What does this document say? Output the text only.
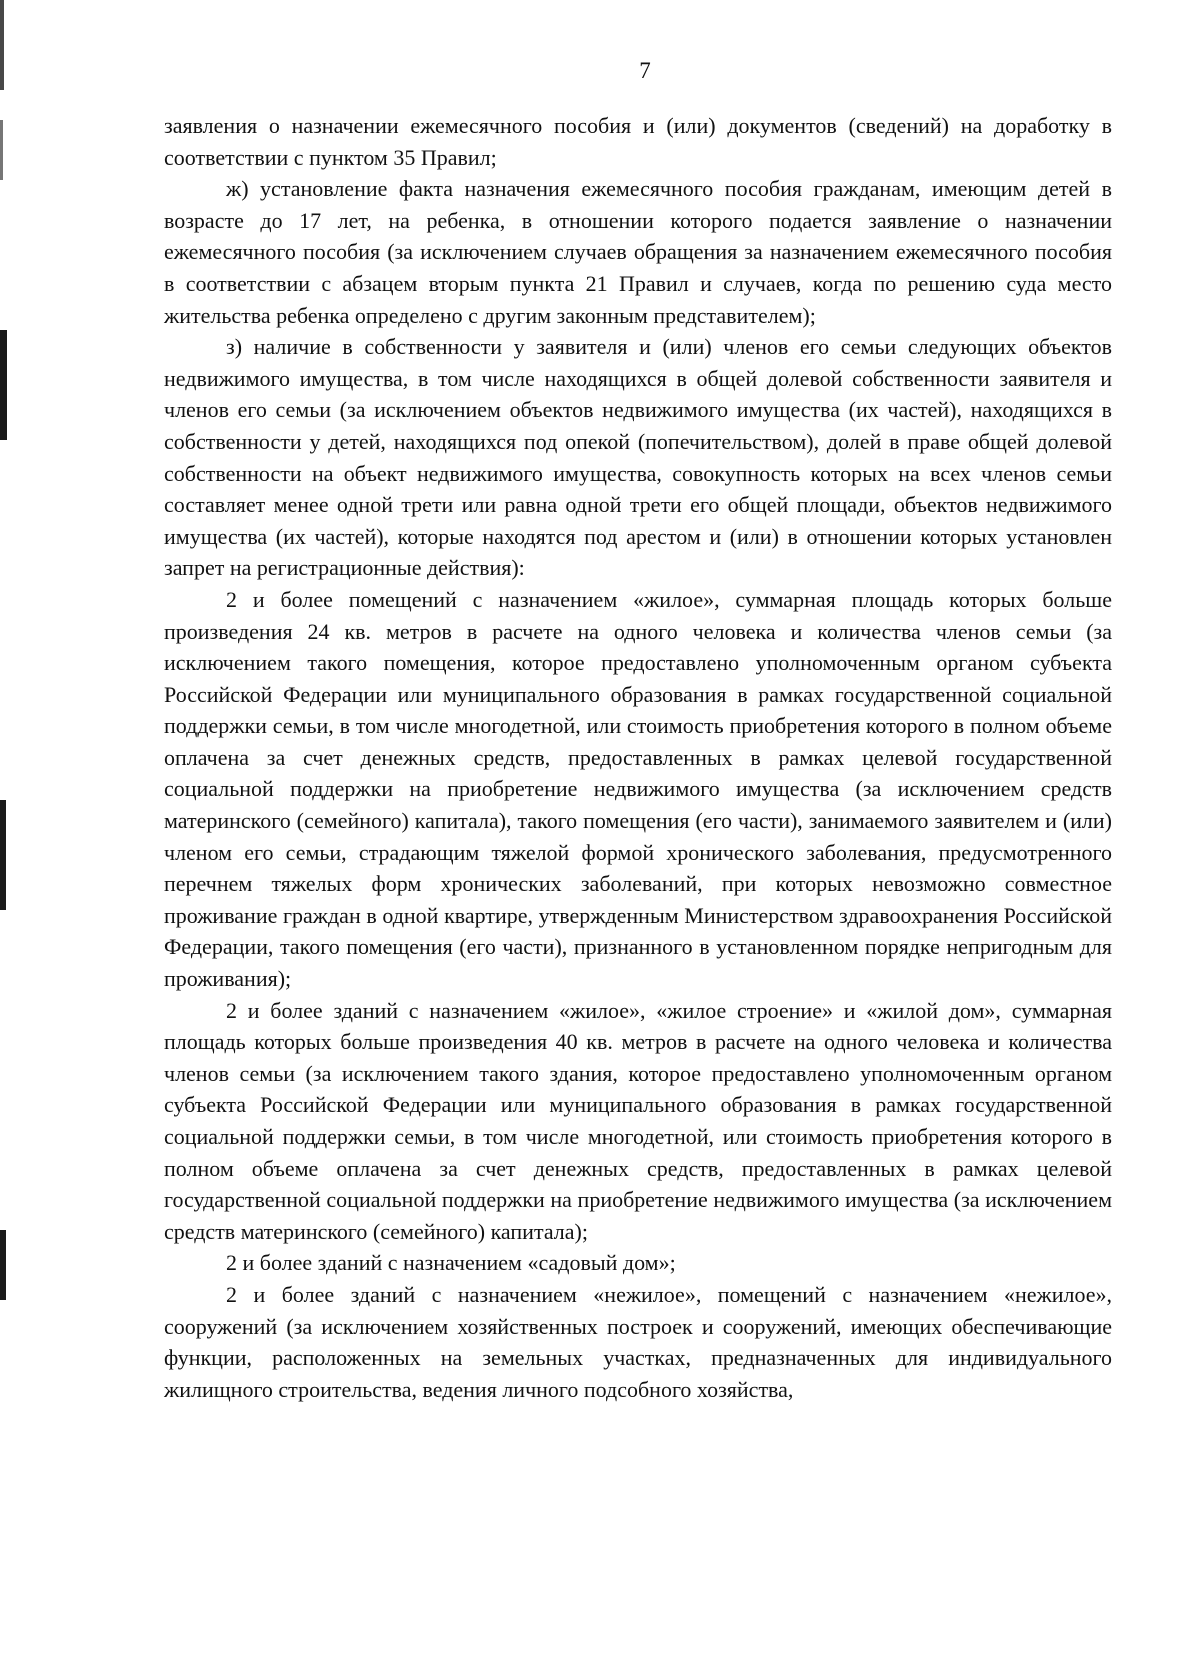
7

заявления о назначении ежемесячного пособия и (или) документов (сведений) на доработку в соответствии с пунктом 35 Правил;

ж) установление факта назначения ежемесячного пособия гражданам, имеющим детей в возрасте до 17 лет, на ребенка, в отношении которого подается заявление о назначении ежемесячного пособия (за исключением случаев обращения за назначением ежемесячного пособия в соответствии с абзацем вторым пункта 21 Правил и случаев, когда по решению суда место жительства ребенка определено с другим законным представителем);

з) наличие в собственности у заявителя и (или) членов его семьи следующих объектов недвижимого имущества, в том числе находящихся в общей долевой собственности заявителя и членов его семьи (за исключением объектов недвижимого имущества (их частей), находящихся в собственности у детей, находящихся под опекой (попечительством), долей в праве общей долевой собственности на объект недвижимого имущества, совокупность которых на всех членов семьи составляет менее одной трети или равна одной трети его общей площади, объектов недвижимого имущества (их частей), которые находятся под арестом и (или) в отношении которых установлен запрет на регистрационные действия):

2 и более помещений с назначением «жилое», суммарная площадь которых больше произведения 24 кв. метров в расчете на одного человека и количества членов семьи (за исключением такого помещения, которое предоставлено уполномоченным органом субъекта Российской Федерации или муниципального образования в рамках государственной социальной поддержки семьи, в том числе многодетной, или стоимость приобретения которого в полном объеме оплачена за счет денежных средств, предоставленных в рамках целевой государственной социальной поддержки на приобретение недвижимого имущества (за исключением средств материнского (семейного) капитала), такого помещения (его части), занимаемого заявителем и (или) членом его семьи, страдающим тяжелой формой хронического заболевания, предусмотренного перечнем тяжелых форм хронических заболеваний, при которых невозможно совместное проживание граждан в одной квартире, утвержденным Министерством здравоохранения Российской Федерации, такого помещения (его части), признанного в установленном порядке непригодным для проживания);

2 и более зданий с назначением «жилое», «жилое строение» и «жилой дом», суммарная площадь которых больше произведения 40 кв. метров в расчете на одного человека и количества членов семьи (за исключением такого здания, которое предоставлено уполномоченным органом субъекта Российской Федерации или муниципального образования в рамках государственной социальной поддержки семьи, в том числе многодетной, или стоимость приобретения которого в полном объеме оплачена за счет денежных средств, предоставленных в рамках целевой государственной социальной поддержки на приобретение недвижимого имущества (за исключением средств материнского (семейного) капитала);

2 и более зданий с назначением «садовый дом»;

2 и более зданий с назначением «нежилое», помещений с назначением «нежилое», сооружений (за исключением хозяйственных построек и сооружений, имеющих обеспечивающие функции, расположенных на земельных участках, предназначенных для индивидуального жилищного строительства, ведения личного подсобного хозяйства,
